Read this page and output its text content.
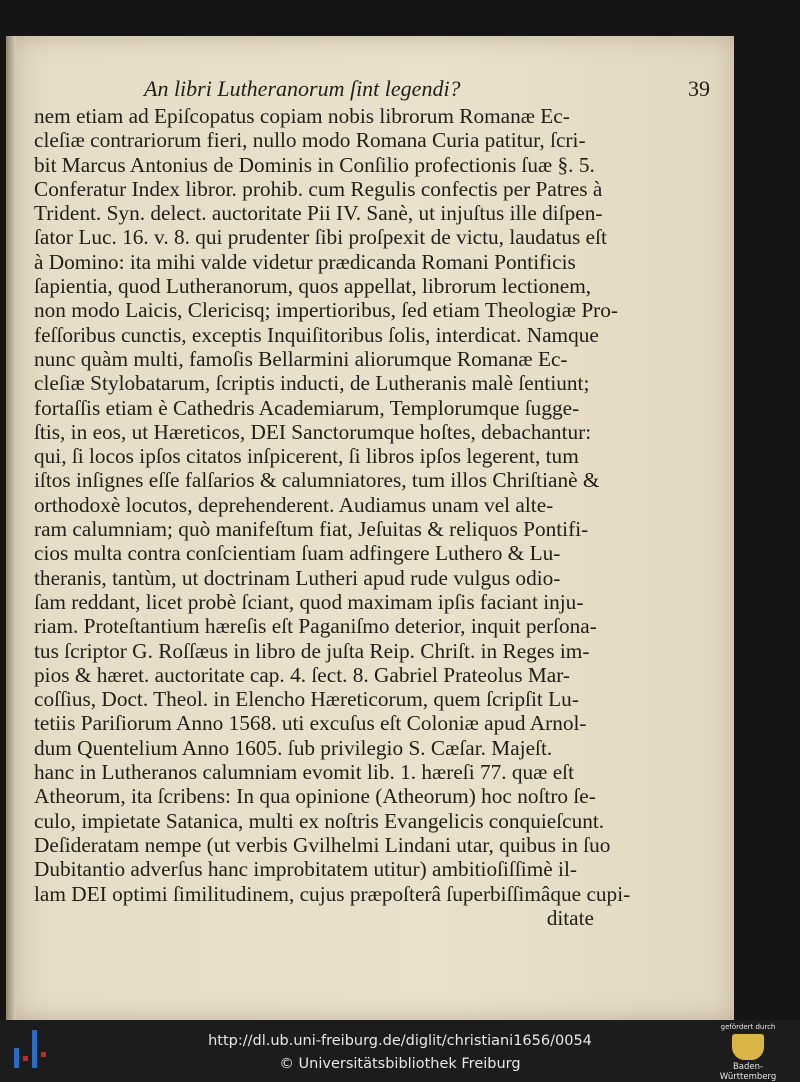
An libri Lutheranorum ſint legendi?	39
nem etiam ad Epiſcopatus copiam nobis librorum Romanæ Ec-
cleſiæ contrariorum fieri, nullo modo Romana Curia patitur, ſcri-
bit Marcus Antonius de Dominis in Conſilio profectionis ſuæ §. 5.
Conferatur Index libror. prohib. cum Regulis confectis per Patres à
Trident. Syn. delect. auctoritate Pii IV. Sanè, ut injuſtus ille diſpen-
ſator Luc. 16. v. 8. qui prudenter ſibi proſpexit de victu, laudatus eſt
à Domino: ita mihi valde videtur prædicanda Romani Pontificis
ſapientia, quod Lutheranorum, quos appellat, librorum lectionem,
non modo Laicis, Clericisq; impertioribus, ſed etiam Theologiæ Pro-
feſſoribus cunctis, exceptis Inquiſitoribus ſolis, interdicat. Namque
nunc quàm multi, famoſis Bellarmini aliorumque Romanæ Ec-
cleſiæ Stylobatarum, ſcriptis inducti, de Lutheranis malè ſentiunt;
fortaſſis etiam è Cathedris Academiarum, Templorumque ſugge-
ſtis, in eos, ut Hæreticos, DEI Sanctorumque hoſtes, debachantur:
qui, ſi locos ipſos citatos inſpicerent, ſi libros ipſos legerent, tum
iſtos inſignes eſſe falſarios & calumniatores, tum illos Chriſtianè &
orthodoxè locutos, deprehenderent. Audiamus unam vel alte-
ram calumniam; quò manifeſtum fiat, Jeſuitas & reliquos Pontifi-
cios multa contra conſcientiam ſuam adfingere Luthero & Lu-
theranis, tantùm, ut doctrinam Lutheri apud rude vulgus odio-
ſam reddant, licet probè ſciant, quod maximam ipſis faciant inju-
riam. Proteſtantium hæreſis eſt Paganiſmo deterior, inquit perſona-
tus ſcriptor G. Roſſæus in libro de juſta Reip. Chriſt. in Reges im-
pios & hæret. auctoritate cap. 4. ſect. 8. Gabriel Prateolus Mar-
coſſius, Doct. Theol. in Elencho Hæreticorum, quem ſcripſit Lu-
tetiis Pariſiorum Anno 1568. uti excuſus eſt Coloniæ apud Arnol-
dum Quentelium Anno 1605. ſub privilegio S. Cæſar. Majeſt.
hanc in Lutheranos calumniam evomit lib. 1. hæreſi 77. quæ eſt
Atheorum, ita ſcribens: In qua opinione (Atheorum) hoc noſtro ſe-
culo, impietate Satanica, multi ex noſtris Evangelicis conquieſcunt.
Deſideratam nempe (ut verbis Gvilhelmi Lindani utar, quibus in ſuo
Dubitantio adverſus hanc improbitatem utitur) ambitioſiſſimè il-
lam DEI optimi ſimilitudinem, cujus præpoſterâ ſuperbiſſimâque cupi-
ditate
http://dl.ub.uni-freiburg.de/diglit/christiani1656/0054
© Universitätsbibliothek Freiburg
gefördert durch
Baden-Württemberg
